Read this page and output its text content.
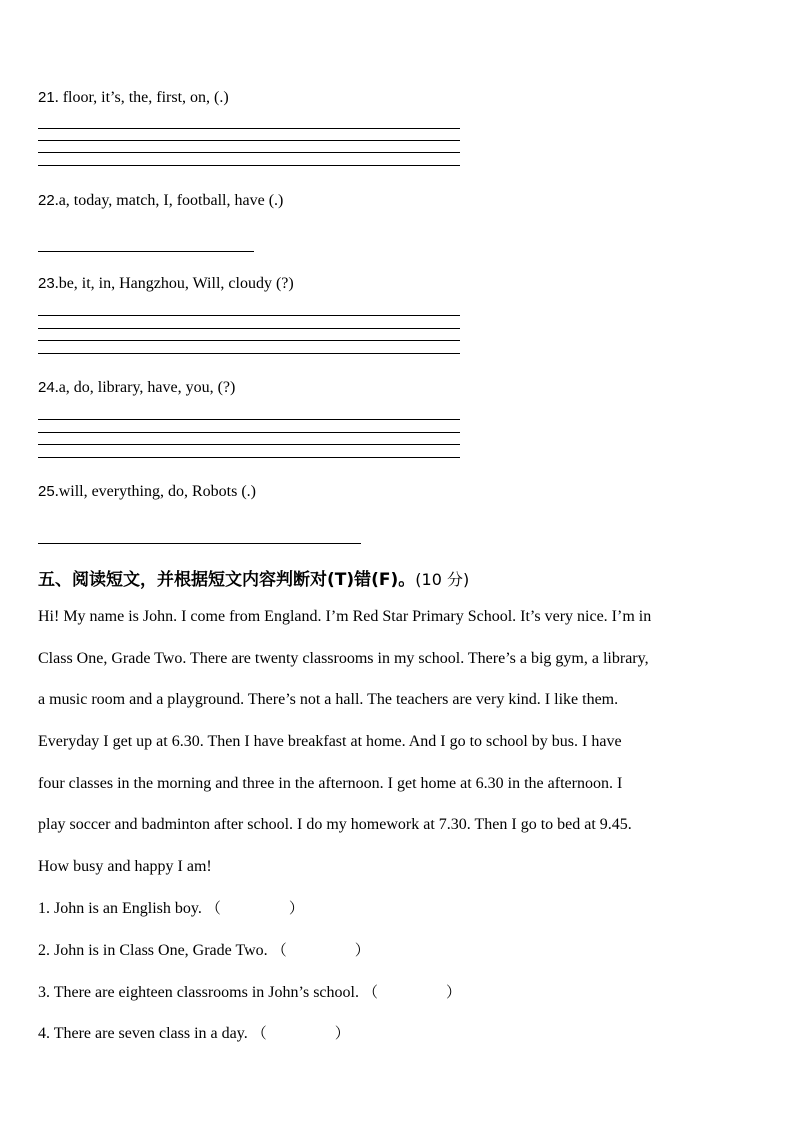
21. floor, it’s, the, first, on, (.)
22.a, today, match, I, football, have (.)
23.be, it, in, Hangzhou, Will, cloudy (?)
24.a, do, library, have, you, (?)
25.will, everything, do, Robots (.)
五、阅读短文，并根据短文内容判断对(T)错(F)。(10 分)
Hi! My name is John. I come from England. I’m Red Star Primary School. It’s very nice. I’m in
Class One, Grade Two. There are twenty classrooms in my school. There’s a big gym, a library,
a music room and a playground. There’s not a hall. The teachers are very kind. I like them.
Everyday I get up at 6.30. Then I have breakfast at home. And I go to school by bus. I have
four classes in the morning and three in the afternoon. I get home at 6.30 in the afternoon. I
play soccer and badminton after school. I do my homework at 7.30. Then I go to bed at 9.45.
How busy and happy I am!
1. John is an English boy. （	）
2. John is in Class One, Grade Two. （	）
3. There are eighteen classrooms in John’s school. （	）
4. There are seven class in a day. （	）
